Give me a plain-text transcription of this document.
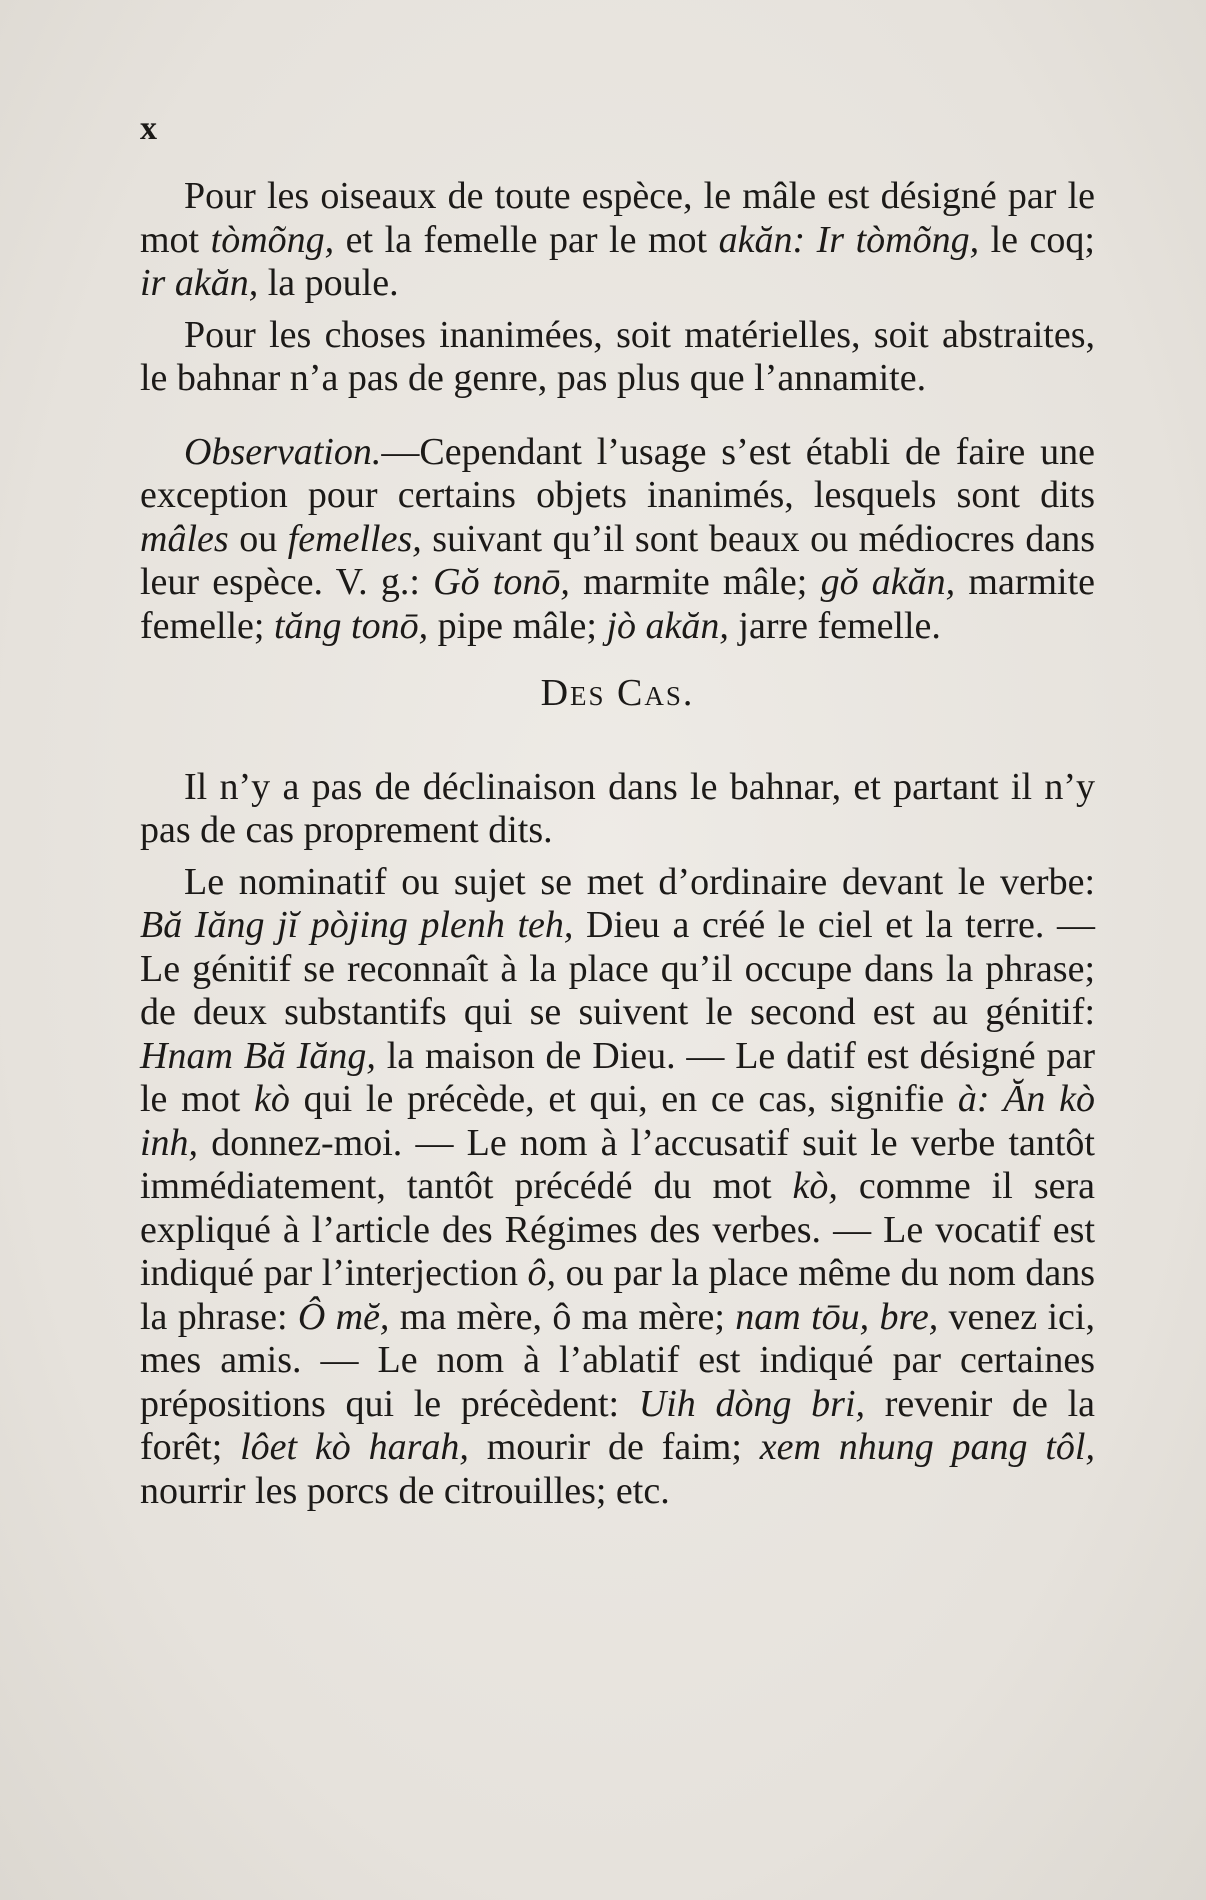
x

Pour les oiseaux de toute espèce, le mâle est désigné par le mot tòmõng, et la femelle par le mot akăn: Ir tòmõng, le coq; ir akăn, la poule.

Pour les choses inanimées, soit matérielles, soit abstraites, le bahnar n’a pas de genre, pas plus que l’annamite.

Observation.—Cependant l’usage s’est établi de faire une exception pour certains objets inanimés, lesquels sont dits mâles ou femelles, suivant qu’il sont beaux ou médiocres dans leur espèce. V. g.: Gŏ tonō, marmite mâle; gŏ akăn, marmite femelle; tăng tonō, pipe mâle; jò akăn, jarre femelle.

Des Cas.

Il n’y a pas de déclinaison dans le bahnar, et partant il n’y pas de cas proprement dits.

Le nominatif ou sujet se met d’ordinaire devant le verbe: Bă Iăng jĭ pòjing plenh teh, Dieu a créé le ciel et la terre. — Le génitif se reconnaît à la place qu’il occupe dans la phrase; de deux substantifs qui se suivent le second est au génitif: Hnam Bă Iăng, la maison de Dieu. — Le datif est désigné par le mot kò qui le précède, et qui, en ce cas, signifie à: Ăn kò inh, donnez-moi. — Le nom à l’accusatif suit le verbe tantôt immédiatement, tantôt précédé du mot kò, comme il sera expliqué à l’article des Régimes des verbes. — Le vocatif est indiqué par l’interjection ô, ou par la place même du nom dans la phrase: Ô mĕ, ma mère, ô ma mère; nam tōu, bre, venez ici, mes amis. — Le nom à l’ablatif est indiqué par certaines prépositions qui le précèdent: Uih dòng bri, revenir de la forêt; lôet kò harah, mourir de faim; xem nhung pang tôl, nourrir les porcs de citrouilles; etc.
